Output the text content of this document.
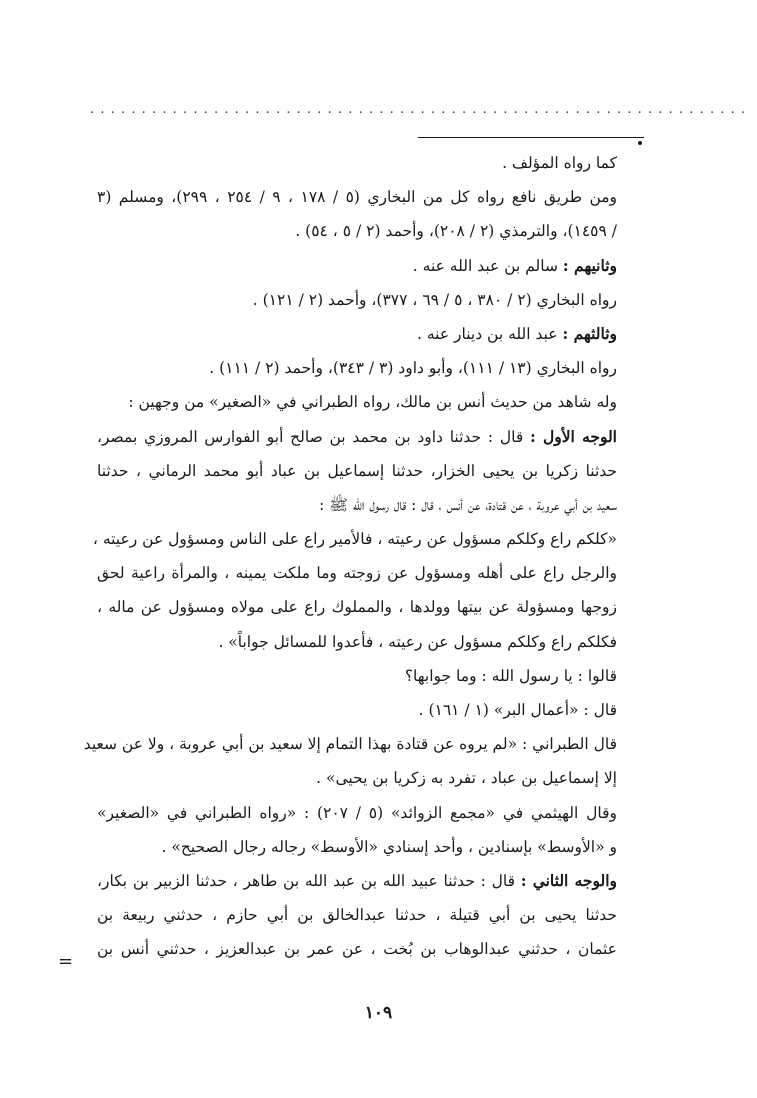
................................................................
كما رواه المؤلف .
ومن طريق نافع رواه كل من البخاري (٥ / ١٧٨ ، ٩ / ٢٥٤ ، ٢٩٩)، ومسلم (٣
/ ١٤٥٩)، والترمذي (٢ / ٢٠٨)، وأحمد (٢ / ٥ ، ٥٤) .
وثانيهم : سالم بن عبد الله عنه .
رواه البخاري (٢ / ٣٨٠ ، ٥ / ٦٩ ، ٣٧٧)، وأحمد (٢ / ١٢١) .
وثالثهم : عبد الله بن دينار عنه .
رواه البخاري (١٣ / ١١١)، وأبو داود (٣ / ٣٤٣)، وأحمد (٢ / ١١١) .
وله شاهد من حديث أنس بن مالك، رواه الطبراني في «الصغير» من وجهين :
الوجه الأول : قال : حدثنا داود بن محمد بن صالح أبو الفوارس المروزي بمصر،
حدثنا زكريا بن يحيى الخزار، حدثنا إسماعيل بن عباد أبو محمد الرماني ، حدثنا
سعيد بن أبي عروبة ، عن قتادة، عن أنس ، قال : قال رسول الله ﷺ :
«كلكم راع وكلكم مسؤول عن رعيته ، فالأمير راع على الناس ومسؤول عن رعيته ،
والرجل راع على أهله ومسؤول عن زوجته وما ملكت يمينه ، والمرأة راعية لحق
زوجها ومسؤولة عن بيتها وولدها ، والمملوك راع على مولاه ومسؤول عن ماله ،
فكلكم راع وكلكم مسؤول عن رعيته ، فأعدوا للمسائل جواباً» .
قالوا : يا رسول الله : وما جوابها؟
قال : «أعمال البر» (١ / ١٦١) .
قال الطبراني : «لم يروه عن قتادة بهذا التمام إلا سعيد بن أبي عروبة ، ولا عن سعيد
إلا إسماعيل بن عباد ، تفرد به زكريا بن يحيى» .
وقال الهيثمي في «مجمع الزوائد» (٥ / ٢٠٧) : «رواه الطبراني في «الصغير»
و «الأوسط» بإسنادين ، وأحد إسنادي «الأوسط» رجاله رجال الصحيح» .
والوجه الثاني : قال : حدثنا عبيد الله بن عبد الله بن طاهر ، حدثنا الزبير بن بكار،
حدثنا يحيى بن أبي قتيلة ، حدثنا عبدالخالق بن أبي حازم ، حدثني ربيعة بن
عثمان ، حدثني عبدالوهاب بن بُخت ، عن عمر بن عبدالعزيز ، حدثني أنس بن
=
١٠٩
